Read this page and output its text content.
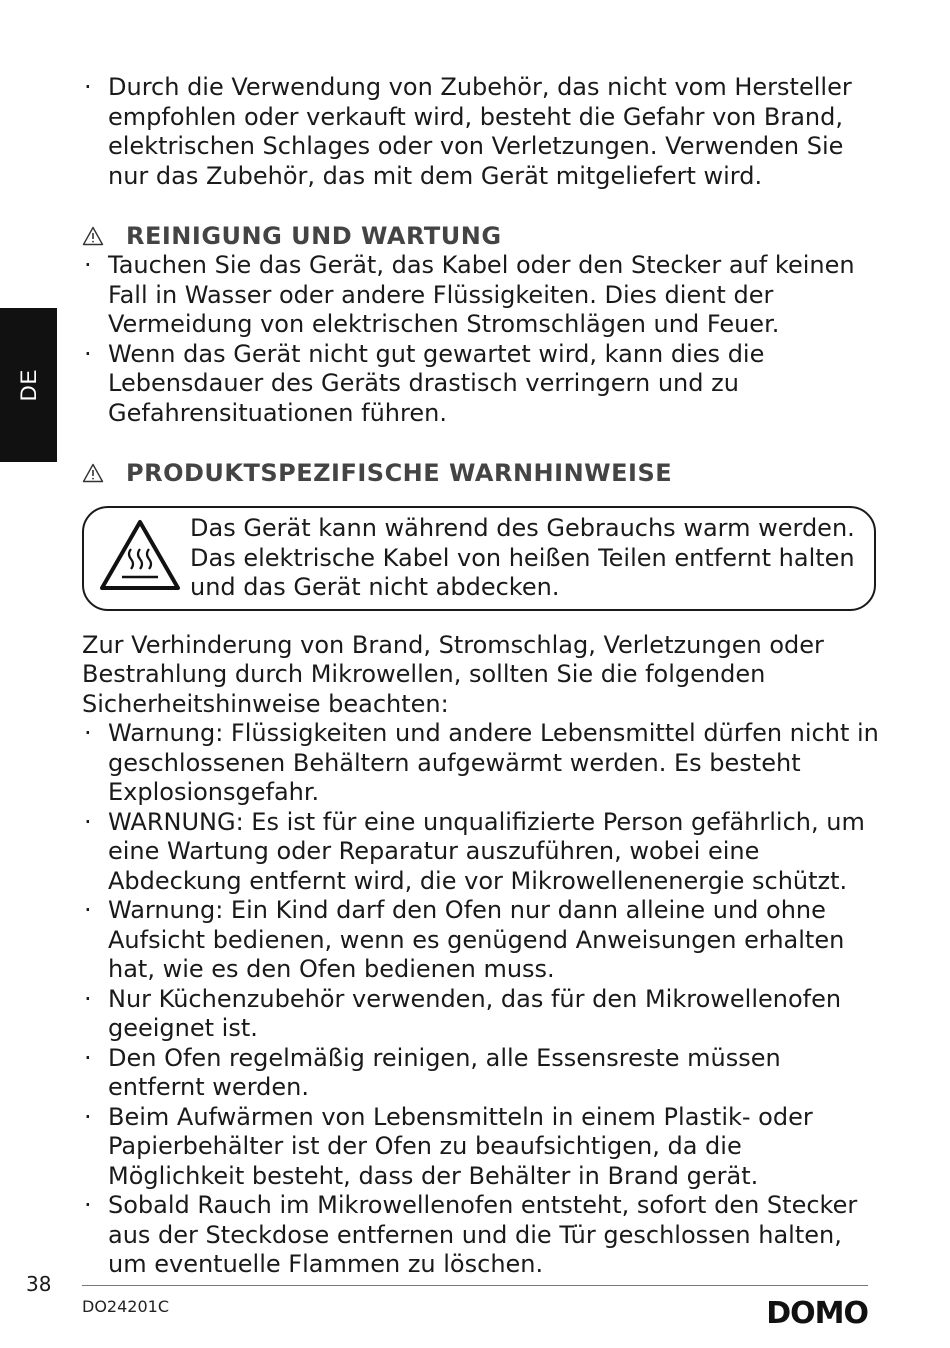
DE
· Durch die Verwendung von Zubehör, das nicht vom Hersteller empfohlen oder verkauft wird, besteht die Gefahr von Brand, elektrischen Schlages oder von Verletzungen. Verwenden Sie nur das Zubehör, das mit dem Gerät mitgeliefert wird.
REINIGUNG UND WARTUNG
· Tauchen Sie das Gerät, das Kabel oder den Stecker auf keinen Fall in Wasser oder andere Flüssigkeiten. Dies dient der Vermeidung von elektrischen Stromschlägen und Feuer.
· Wenn das Gerät nicht gut gewartet wird, kann dies die Lebensdauer des Geräts drastisch verringern und zu Gefahrensituationen führen.
PRODUKTSPEZIFISCHE WARNHINWEISE
Das Gerät kann während des Gebrauchs warm werden. Das elektrische Kabel von heißen Teilen entfernt halten und das Gerät nicht abdecken.

Zur Verhinderung von Brand, Stromschlag, Verletzungen oder Bestrahlung durch Mikrowellen, sollten Sie die folgenden Sicherheitshinweise beachten:

· Warnung: Flüssigkeiten und andere Lebensmittel dürfen nicht in geschlossenen Behältern aufgewärmt werden. Es besteht Explosionsgefahr.
· WARNUNG: Es ist für eine unqualifizierte Person gefährlich, um eine Wartung oder Reparatur auszuführen, wobei eine Abdeckung entfernt wird, die vor Mikrowellenenergie schützt.
· Warnung: Ein Kind darf den Ofen nur dann alleine und ohne Aufsicht bedienen, wenn es genügend Anweisungen erhalten hat, wie es den Ofen bedienen muss.
· Nur Küchenzubehör verwenden, das für den Mikrowellenofen geeignet ist.
· Den Ofen regelmäßig reinigen, alle Essensreste müssen entfernt werden.
· Beim Aufwärmen von Lebensmitteln in einem Plastik- oder Papierbehälter ist der Ofen zu beaufsichtigen, da die Möglichkeit besteht, dass der Behälter in Brand gerät.
· Sobald Rauch im Mikrowellenofen entsteht, sofort den Stecker aus der Steckdose entfernen und die Tür geschlossen halten, um eventuelle Flammen zu löschen.
38
DO24201C	DOMO
